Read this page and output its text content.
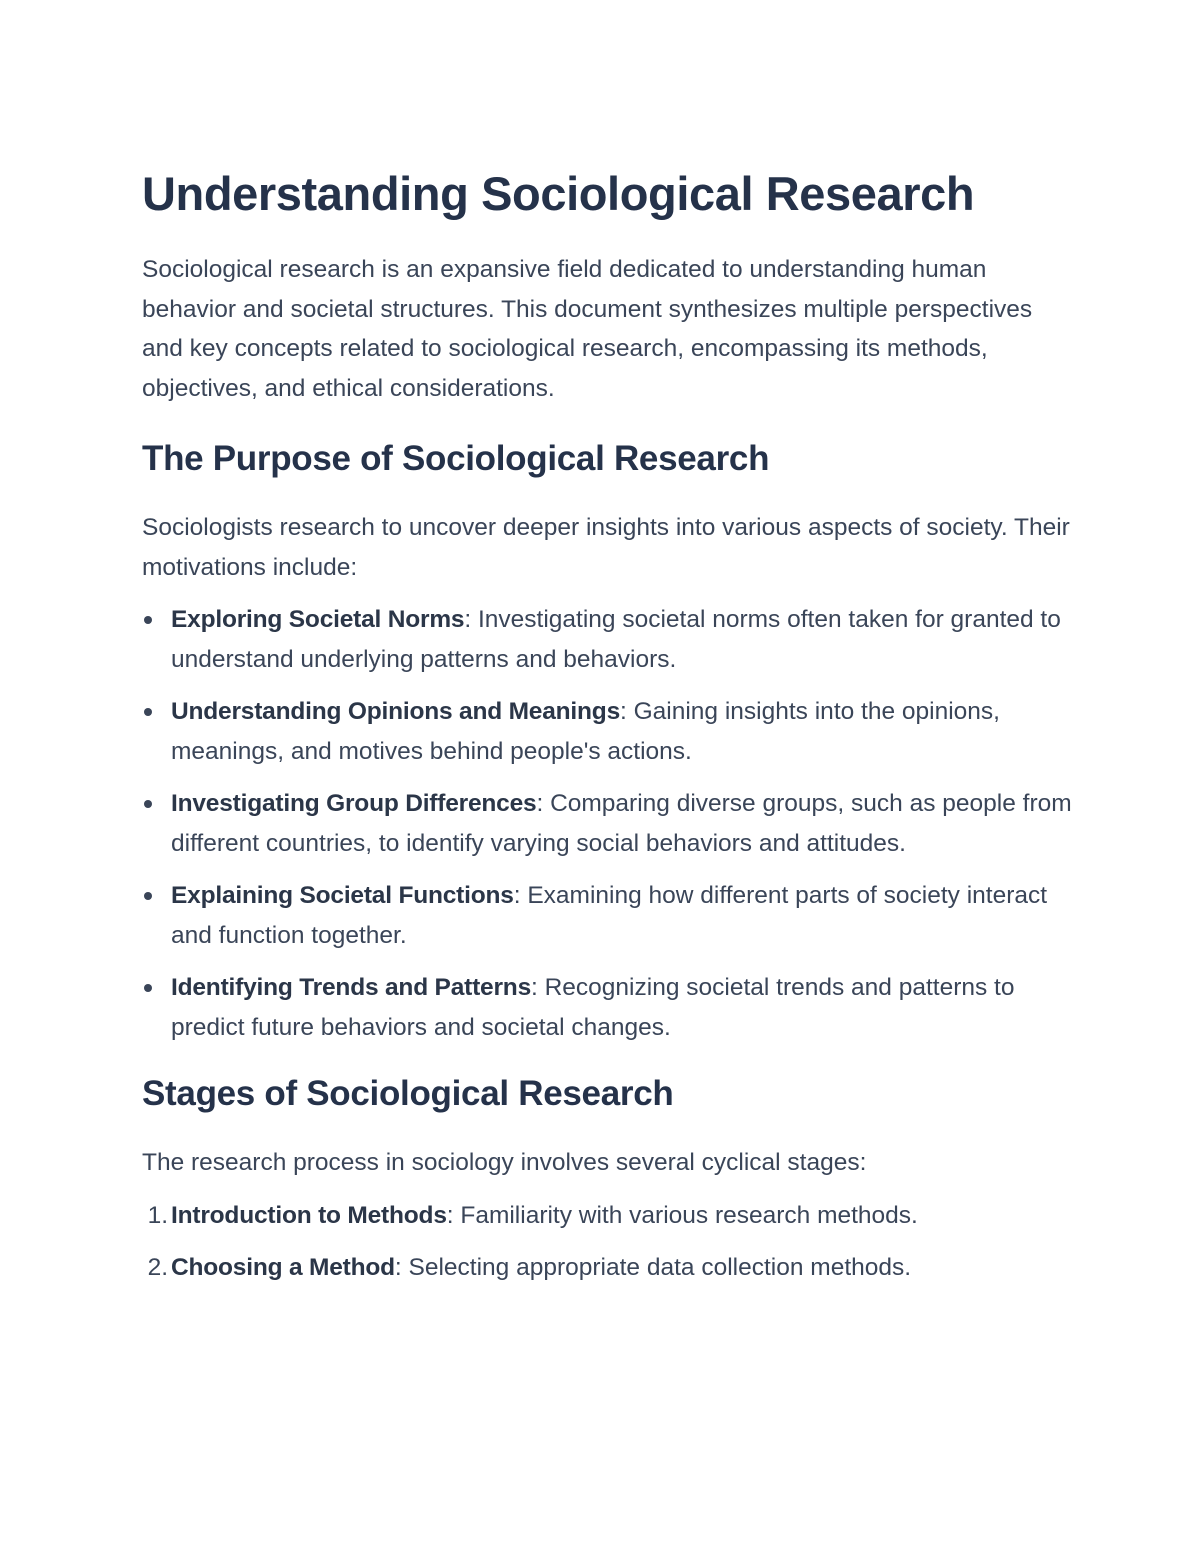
Understanding Sociological Research

Sociological research is an expansive field dedicated to understanding human behavior and societal structures. This document synthesizes multiple perspectives and key concepts related to sociological research, encompassing its methods, objectives, and ethical considerations.

The Purpose of Sociological Research

Sociologists research to uncover deeper insights into various aspects of society. Their motivations include:

Exploring Societal Norms: Investigating societal norms often taken for granted to understand underlying patterns and behaviors.
Understanding Opinions and Meanings: Gaining insights into the opinions, meanings, and motives behind people's actions.
Investigating Group Differences: Comparing diverse groups, such as people from different countries, to identify varying social behaviors and attitudes.
Explaining Societal Functions: Examining how different parts of society interact and function together.
Identifying Trends and Patterns: Recognizing societal trends and patterns to predict future behaviors and societal changes.
Stages of Sociological Research

The research process in sociology involves several cyclical stages:

1. Introduction to Methods: Familiarity with various research methods.
2. Choosing a Method: Selecting appropriate data collection methods.
